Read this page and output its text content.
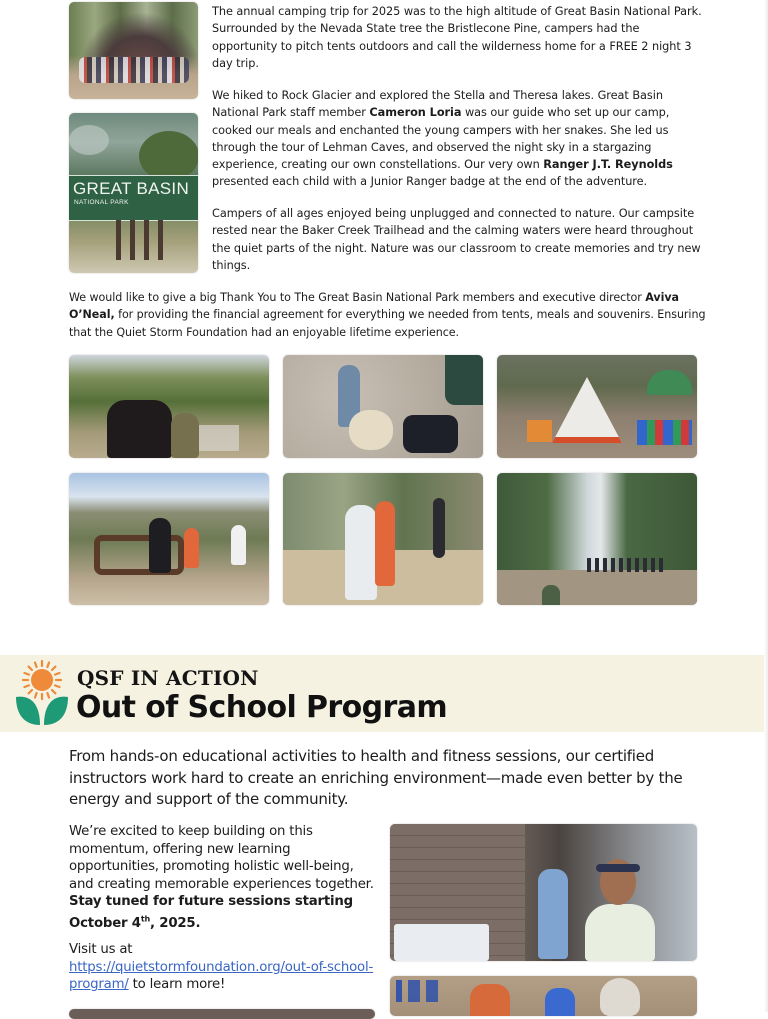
GREAT BASIN
NATIONAL PARK

The annual camping trip for 2025 was to the high altitude of Great Basin National Park. Surrounded by the Nevada State tree the Bristlecone Pine, campers had the opportunity to pitch tents outdoors and call the wilderness home for a FREE 2 night 3 day trip.

We hiked to Rock Glacier and explored the Stella and Theresa lakes. Great Basin National Park staff member Cameron Loria was our guide who set up our camp, cooked our meals and enchanted the young campers with her snakes. She led us through the tour of Lehman Caves, and observed the night sky in a stargazing experience, creating our own constellations. Our very own Ranger J.T. Reynolds presented each child with a Junior Ranger badge at the end of the adventure.

Campers of all ages enjoyed being unplugged and connected to nature. Our campsite rested near the Baker Creek Trailhead and the calming waters were heard throughout the quiet parts of the night. Nature was our classroom to create memories and try new things.

We would like to give a big Thank You to The Great Basin National Park members and executive director Aviva O’Neal, for providing the financial agreement for everything we needed from tents, meals and souvenirs. Ensuring that the Quiet Storm Foundation had an enjoyable lifetime experience.

QSF IN ACTION
Out of School Program

From hands-on educational activities to health and fitness sessions, our certified instructors work hard to create an enriching environment—made even better by the energy and support of the community.

We’re excited to keep building on this momentum, offering new learning opportunities, promoting holistic well-being, and creating memorable experiences together. Stay tuned for future sessions starting October 4th, 2025.

Visit us at
https://quietstormfoundation.org/out-of-school-program/ to learn more!
